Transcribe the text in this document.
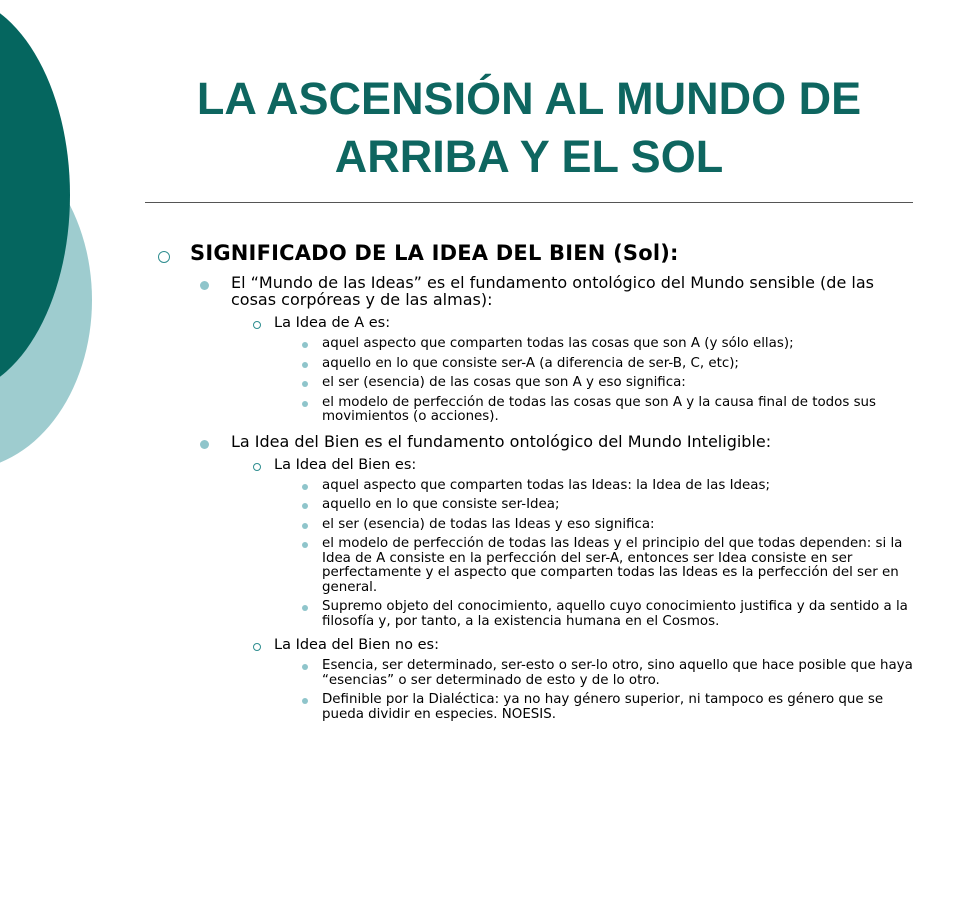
LA ASCENSIÓN AL MUNDO DE ARRIBA Y EL SOL
SIGNIFICADO DE LA IDEA DEL BIEN (Sol):
El “Mundo de las Ideas” es el fundamento ontológico del Mundo sensible (de las cosas corpóreas y de las almas):
La Idea de A es:
aquel aspecto que comparten todas las cosas que son A (y sólo ellas);
aquello en lo que consiste ser-A (a diferencia de ser-B, C, etc);
el ser (esencia) de las cosas que son A y eso significa:
el modelo de perfección de todas las cosas que son A y la causa final de todos sus movimientos (o acciones).
La Idea del Bien es el fundamento ontológico del Mundo Inteligible:
La Idea del Bien es:
aquel aspecto que comparten todas las Ideas: la Idea de las Ideas;
aquello en lo que consiste ser-Idea;
el ser (esencia) de todas las Ideas y eso significa:
el modelo de perfección de todas las Ideas y el principio del que todas dependen: si la Idea de A consiste en la perfección del ser-A, entonces ser Idea consiste en ser perfectamente y el aspecto que comparten todas las Ideas es la perfección del ser en general.
Supremo objeto del conocimiento, aquello cuyo conocimiento justifica y da sentido a la filosofía y, por tanto, a la existencia humana en el Cosmos.
La Idea del Bien no es:
Esencia, ser determinado, ser-esto o ser-lo otro, sino aquello que hace posible que haya “esencias” o ser determinado de esto y de lo otro.
Definible por la Dialéctica: ya no hay género superior, ni tampoco es género que se pueda dividir en especies. NOESIS.
